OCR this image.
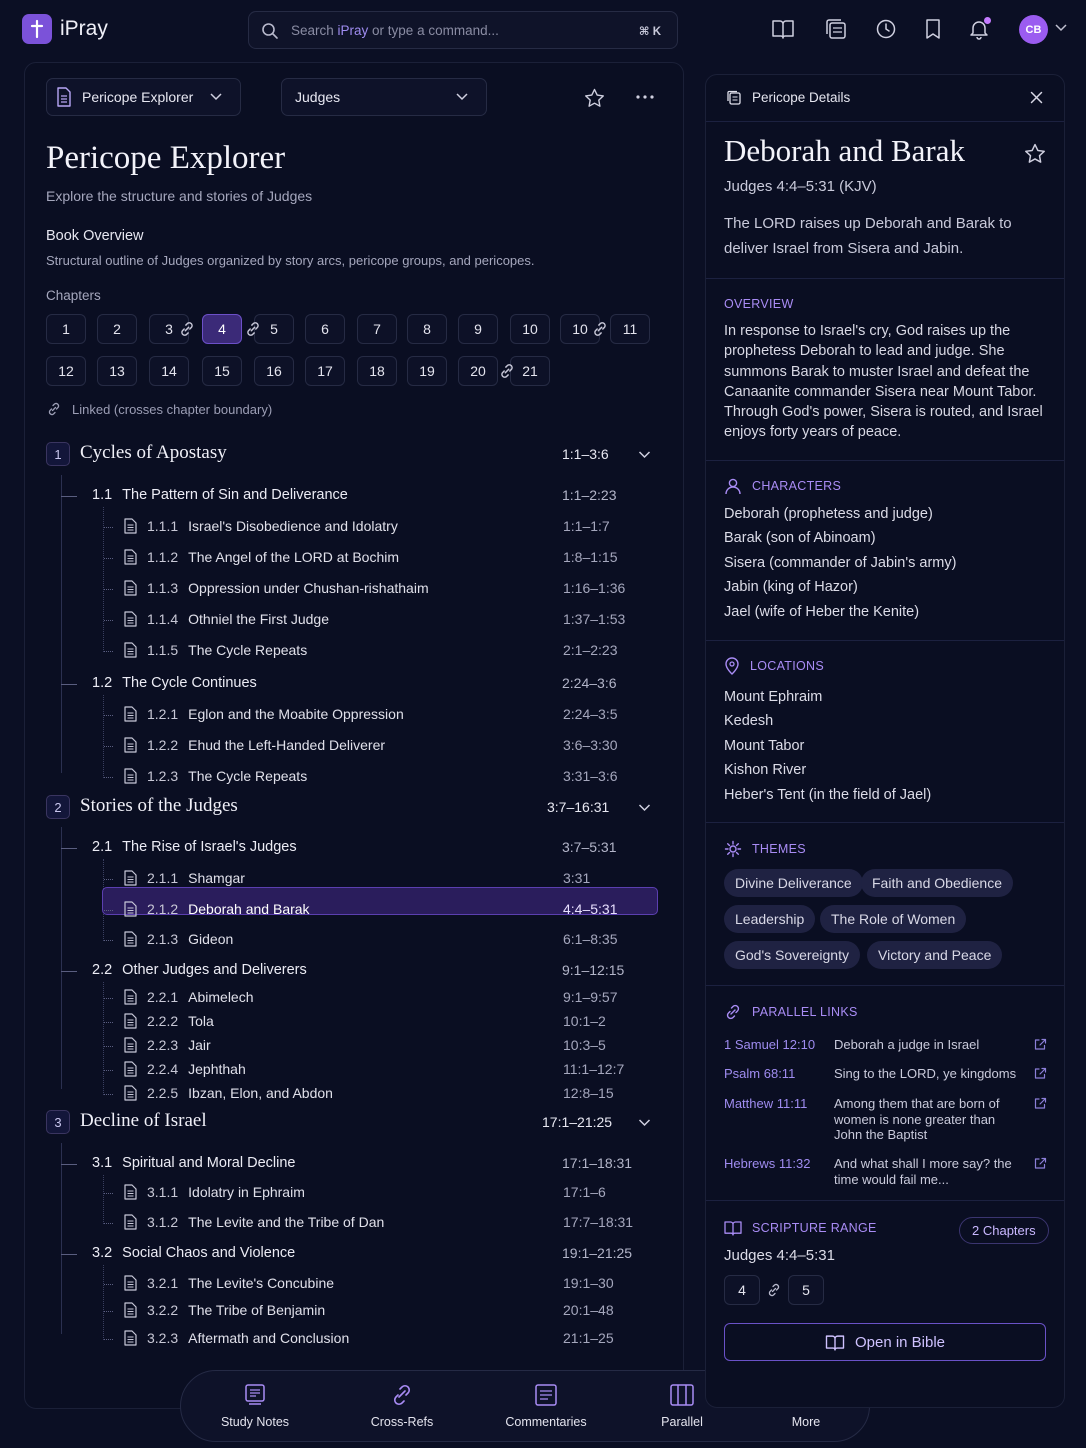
iPray	Search iPray or type a command...	⌘ K	CB
Pericope Explorer	Judges
Pericope Explorer
Explore the structure and stories of Judges
Book Overview
Structural outline of Judges organized by story arcs, pericope groups, and pericopes.
Chapters
1	2	3	4	5	6	7	8	9	10	10	11
12	13	14	15	16	17	18	19	20	21
Linked (crosses chapter boundary)
1 Cycles of Apostasy	1:1–3:6
1.1 The Pattern of Sin and Deliverance	1:1–2:23
1.1.1 Israel's Disobedience and Idolatry	1:1–1:7
1.1.2 The Angel of the LORD at Bochim	1:8–1:15
1.1.3 Oppression under Chushan-rishathaim	1:16–1:36
1.1.4 Othniel the First Judge	1:37–1:53
1.1.5 The Cycle Repeats	2:1–2:23
1.2 The Cycle Continues	2:24–3:6
1.2.1 Eglon and the Moabite Oppression	2:24–3:5
1.2.2 Ehud the Left-Handed Deliverer	3:6–3:30
1.2.3 The Cycle Repeats	3:31–3:6
2 Stories of the Judges	3:7–16:31
2.1 The Rise of Israel's Judges	3:7–5:31
2.1.1 Shamgar	3:31
2.1.2 Deborah and Barak	4:4–5:31
2.1.3 Gideon	6:1–8:35
2.2 Other Judges and Deliverers	9:1–12:15
2.2.1 Abimelech	9:1–9:57
2.2.2 Tola	10:1–2
2.2.3 Jair	10:3–5
2.2.4 Jephthah	11:1–12:7
2.2.5 Ibzan, Elon, and Abdon	12:8–15
3 Decline of Israel	17:1–21:25
3.1 Spiritual and Moral Decline	17:1–18:31
3.1.1 Idolatry in Ephraim	17:1–6
3.1.2 The Levite and the Tribe of Dan	17:7–18:31
3.2 Social Chaos and Violence	19:1–21:25
3.2.1 The Levite's Concubine	19:1–30
3.2.2 The Tribe of Benjamin	20:1–48
3.2.3 Aftermath and Conclusion	21:1–25
Study Notes	Cross-Refs	Commentaries	Parallel	More
Pericope Details
Deborah and Barak
Judges 4:4–5:31 (KJV)
The LORD raises up Deborah and Barak to deliver Israel from Sisera and Jabin.
OVERVIEW
In response to Israel's cry, God raises up the prophetess Deborah to lead and judge. She summons Barak to muster Israel and defeat the Canaanite commander Sisera near Mount Tabor. Through God's power, Sisera is routed, and Israel enjoys forty years of peace.
CHARACTERS
Deborah (prophetess and judge)
Barak (son of Abinoam)
Sisera (commander of Jabin's army)
Jabin (king of Hazor)
Jael (wife of Heber the Kenite)
LOCATIONS
Mount Ephraim
Kedesh
Mount Tabor
Kishon River
Heber's Tent (in the field of Jael)
THEMES
Divine Deliverance	Faith and Obedience
Leadership	The Role of Women
God's Sovereignty	Victory and Peace
PARALLEL LINKS
1 Samuel 12:10 Deborah a judge in Israel
Psalm 68:11	Sing to the LORD, ye kingdoms
Matthew 11:11 Among them that are born of women is none greater than John the Baptist
Hebrews 11:32 And what shall I more say? the time would fail me...
SCRIPTURE RANGE	2 Chapters
Judges 4:4–5:31
4	5
Open in Bible
